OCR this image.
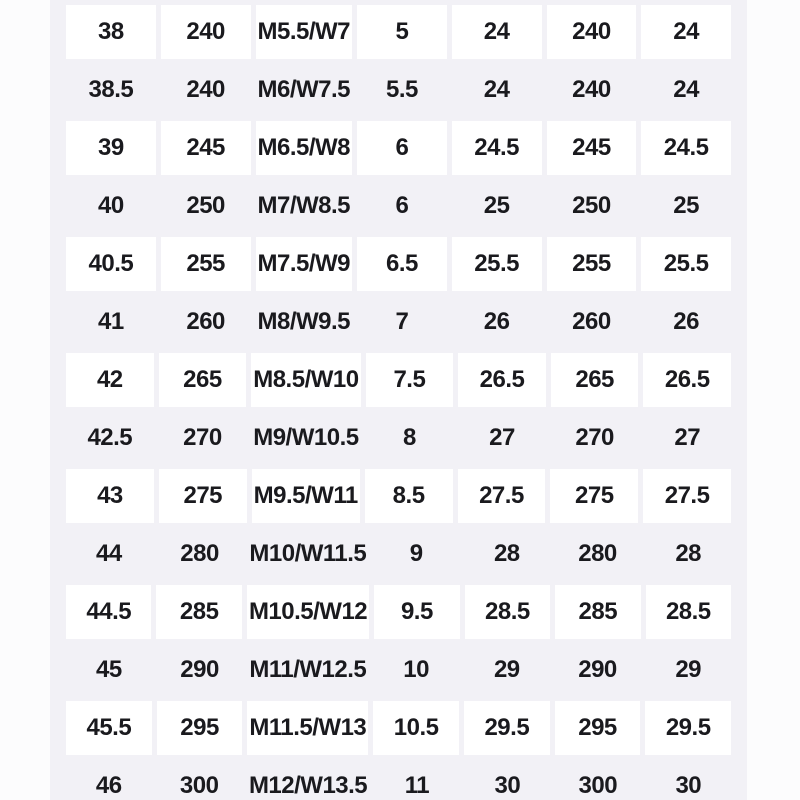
38	240	M5.5/W7	5	24	240	24
38.5	240	M6/W7.5	5.5	24	240	24
39	245	M6.5/W8	6	24.5	245	24.5
40	250	M7/W8.5	6	25	250	25
40.5	255	M7.5/W9	6.5	25.5	255	25.5
41	260	M8/W9.5	7	26	260	26
42	265	M8.5/W10	7.5	26.5	265	26.5
42.5	270	M9/W10.5	8	27	270	27
43	275	M9.5/W11	8.5	27.5	275	27.5
44	280	M10/W11.5	9	28	280	28
44.5	285	M10.5/W12	9.5	28.5	285	28.5
45	290	M11/W12.5	10	29	290	29
45.5	295	M11.5/W13	10.5	29.5	295	29.5
46	300	M12/W13.5	11	30	300	30
